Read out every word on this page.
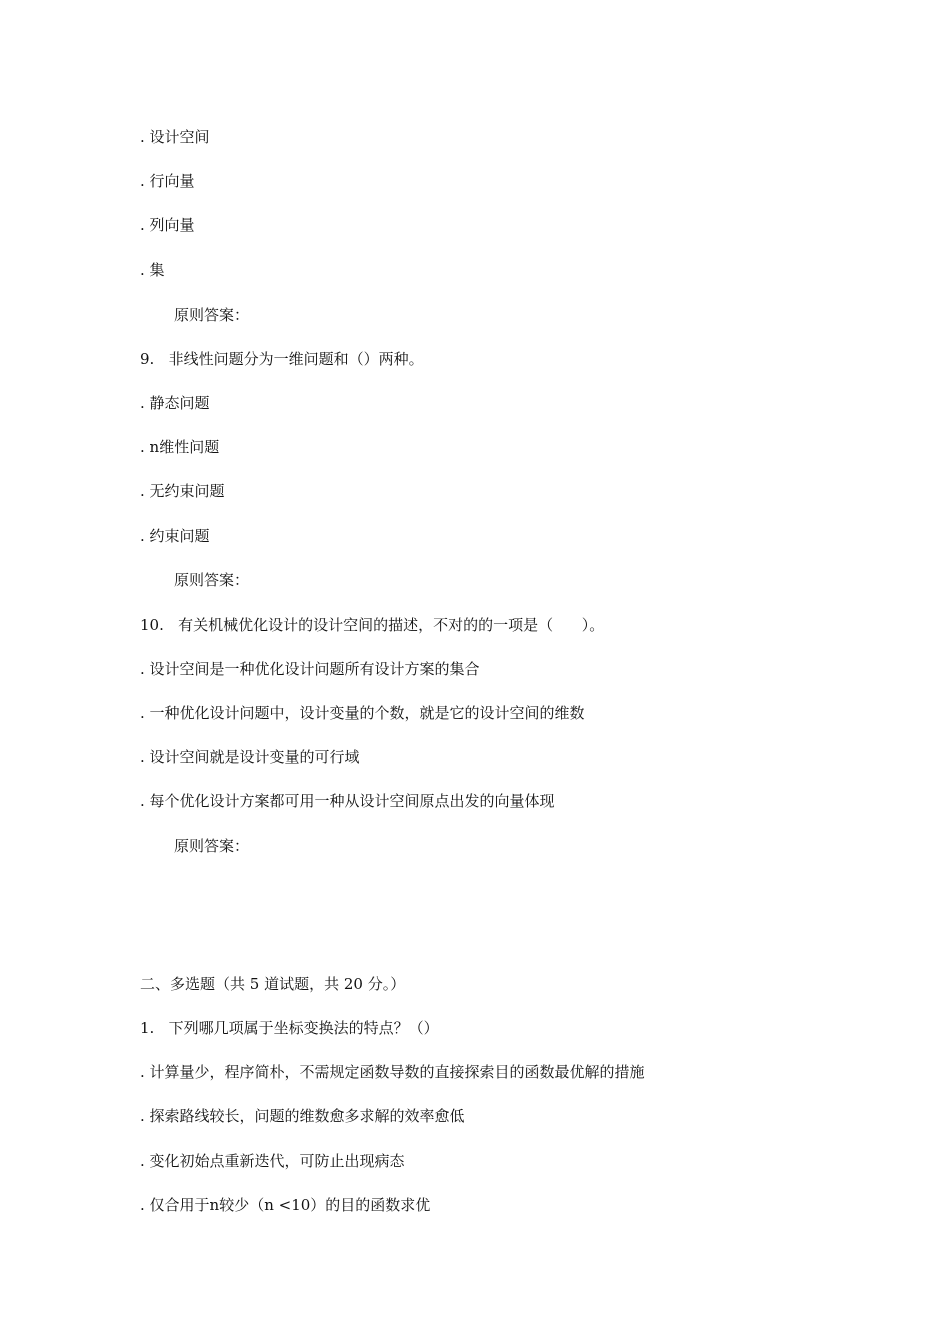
. 设计空间
. 行向量
. 列向量
. 集
原则答案：
9.   非线性问题分为一维问题和（）两种。
. 静态问题
. n维性问题
. 无约束问题
. 约束问题
原则答案：
10.   有关机械优化设计的设计空间的描述，不对的的一项是（      ）。
. 设计空间是一种优化设计问题所有设计方案的集合
. 一种优化设计问题中，设计变量的个数，就是它的设计空间的维数
. 设计空间就是设计变量的可行域
. 每个优化设计方案都可用一种从设计空间原点出发的向量体现
原则答案：
二、多选题（共 5 道试题，共 20 分。）
1.   下列哪几项属于坐标变换法的特点？（）
. 计算量少，程序简朴，不需规定函数导数的直接探索目的函数最优解的措施
. 探索路线较长，问题的维数愈多求解的效率愈低
. 变化初始点重新迭代，可防止出现病态
. 仅合用于n较少（n <10）的目的函数求优
